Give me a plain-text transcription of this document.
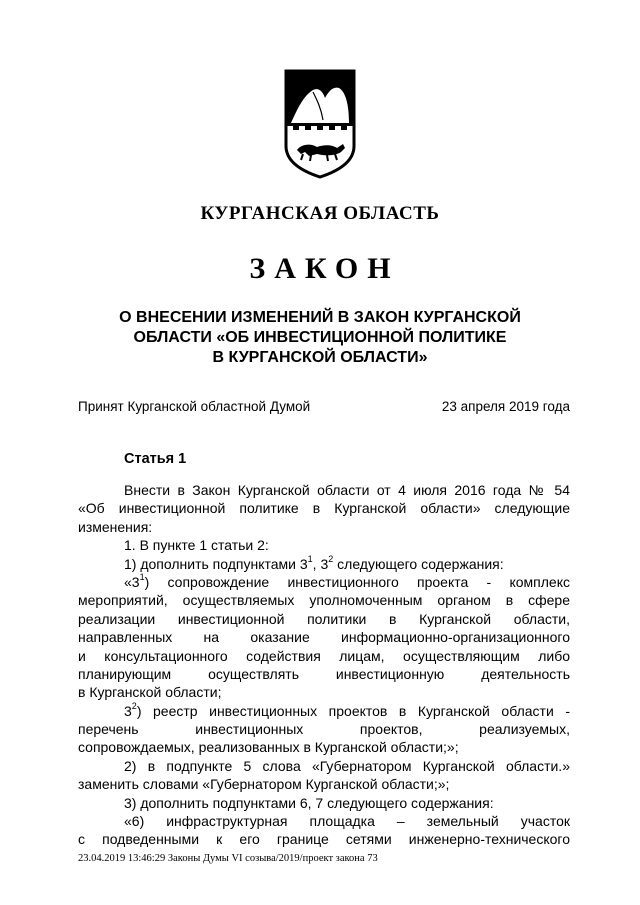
КУРГАНСКАЯ ОБЛАСТЬ
ЗАКОН
О ВНЕСЕНИИ ИЗМЕНЕНИЙ В ЗАКОН КУРГАНСКОЙ
ОБЛАСТИ «ОБ ИНВЕСТИЦИОННОЙ ПОЛИТИКЕ
В КУРГАНСКОЙ ОБЛАСТИ»
Принят Курганской областной Думой	23 апреля 2019 года
Статья 1
Внести в Закон Курганской области от 4 июля 2016 года № 54
«Об инвестиционной политике в Курганской области» следующие
изменения:
1. В пункте 1 статьи 2:
1) дополнить подпунктами $3^1$, $3^2$ следующего содержания:
«$3^1$) сопровождение инвестиционного проекта - комплекс
мероприятий, осуществляемых уполномоченным органом в сфере
реализации инвестиционной политики в Курганской области,
направленных на оказание информационно-организационного
и консультационного содействия лицам, осуществляющим либо
планирующим осуществлять инвестиционную деятельность
в Курганской области;
$3^2$) реестр инвестиционных проектов в Курганской области -
перечень инвестиционных проектов, реализуемых,
сопровождаемых, реализованных в Курганской области;»;
2) в подпункте 5 слова «Губернатором Курганской области.»
заменить словами «Губернатором Курганской области;»;
3) дополнить подпунктами 6, 7 следующего содержания:
«6) инфраструктурная площадка – земельный участок
с подведенными к его границе сетями инженерно-технического
23.04.2019 13:46:29 Законы Думы VI созыва/2019/проект закона 73
